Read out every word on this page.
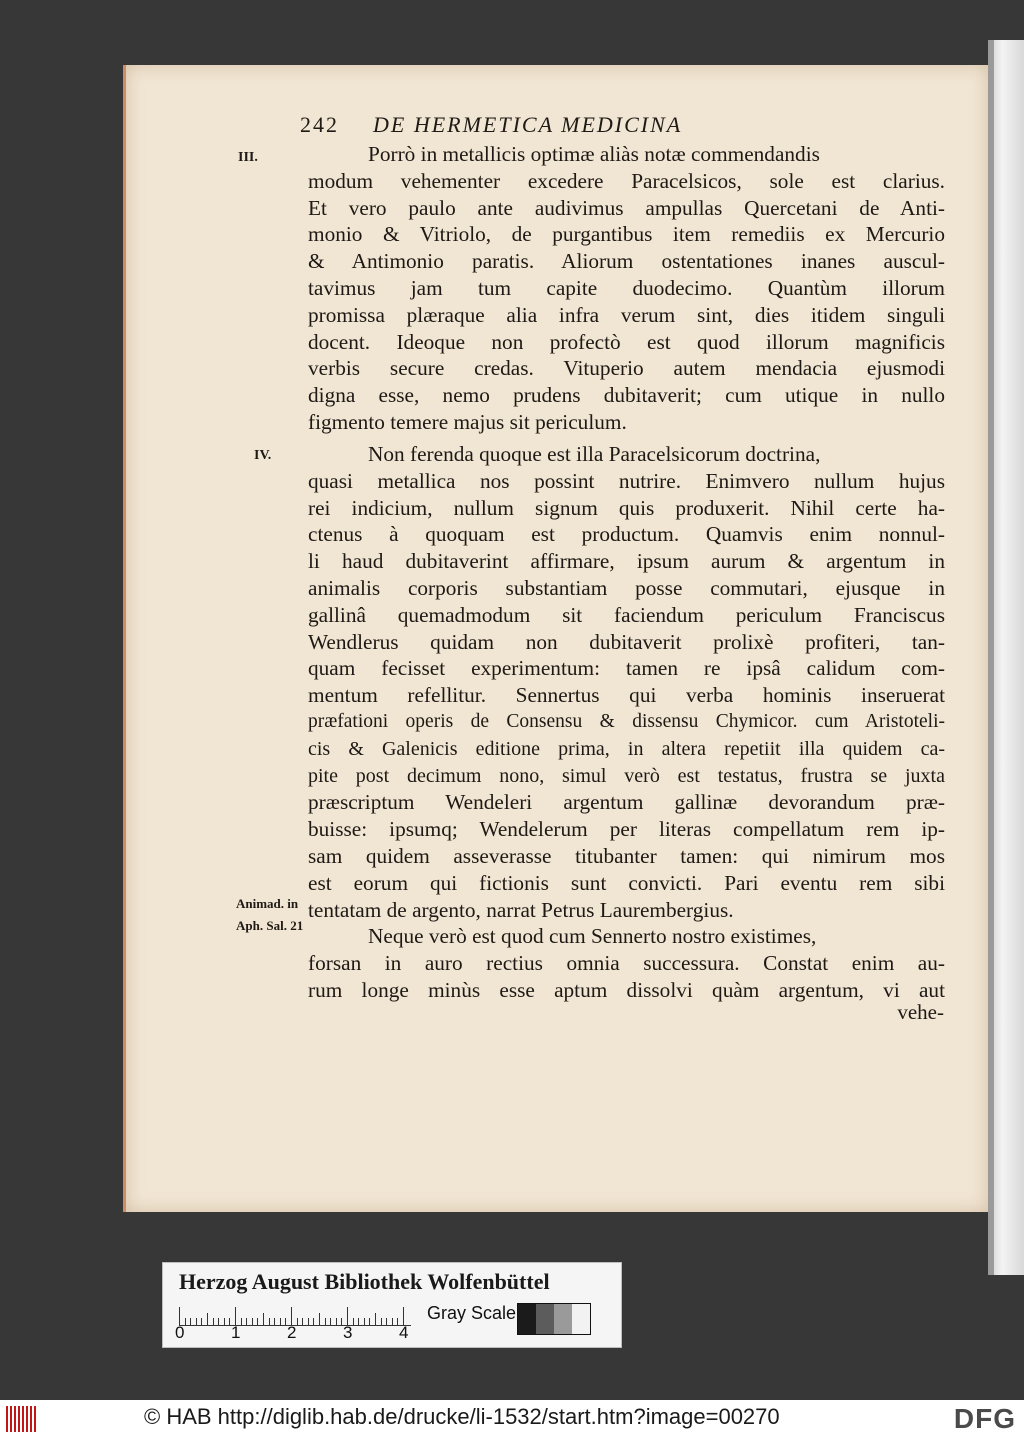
242 DE HERMETICA MEDICINA
III.
IV.
Animad. in
Aph. Sal. 21
Porrò in metallicis optimæ aliàs notæ commendandis
modum vehementer excedere Paracelsicos, sole est clarius.
Et vero paulo ante audivimus ampullas Quercetani de Anti-
monio & Vitriolo, de purgantibus item remediis ex Mercurio
& Antimonio paratis. Aliorum ostentationes inanes auscul-
tavimus jam tum capite duodecimo. Quantùm illorum
promissa plæraque alia infra verum sint, dies itidem singuli
docent. Ideoque non profectò est quod illorum magnificis
verbis secure credas. Vituperio autem mendacia ejusmodi
digna esse, nemo prudens dubitaverit; cum utique in nullo
figmento temere majus sit periculum.
Non ferenda quoque est illa Paracelsicorum doctrina,
quasi metallica nos possint nutrire. Enimvero nullum hujus
rei indicium, nullum signum quis produxerit. Nihil certe ha-
ctenus à quoquam est productum. Quamvis enim nonnul-
li haud dubitaverint affirmare, ipsum aurum & argentum in
animalis corporis substantiam posse commutari, ejusque in
gallinâ quemadmodum sit faciendum periculum Franciscus
Wendlerus quidam non dubitaverit prolixè profiteri, tan-
quam fecisset experimentum: tamen re ipsâ calidum com-
mentum refellitur. Sennertus qui verba hominis inseruerat
præfationi operis de Consensu & dissensu Chymicor. cum Aristoteli-
cis & Galenicis editione prima, in altera repetiit illa quidem ca-
pite post decimum nono, simul verò est testatus, frustra se juxta
præscriptum Wendeleri argentum gallinæ devorandum præ-
buisse: ipsumq; Wendelerum per literas compellatum rem ip-
sam quidem asseverasse titubanter tamen: qui nimirum mos
est eorum qui fictionis sunt convicti. Pari eventu rem sibi
tentatam de argento, narrat Petrus Laurembergius.
Neque verò est quod cum Sennerto nostro existimes,
forsan in auro rectius omnia successura. Constat enim au-
rum longe minùs esse aptum dissolvi quàm argentum, vi aut
vehe-
Herzog August Bibliothek Wolfenbüttel
0	1	2	3	4
Gray Scale
© HAB http://diglib.hab.de/drucke/li-1532/start.htm?image=00270	DFG
